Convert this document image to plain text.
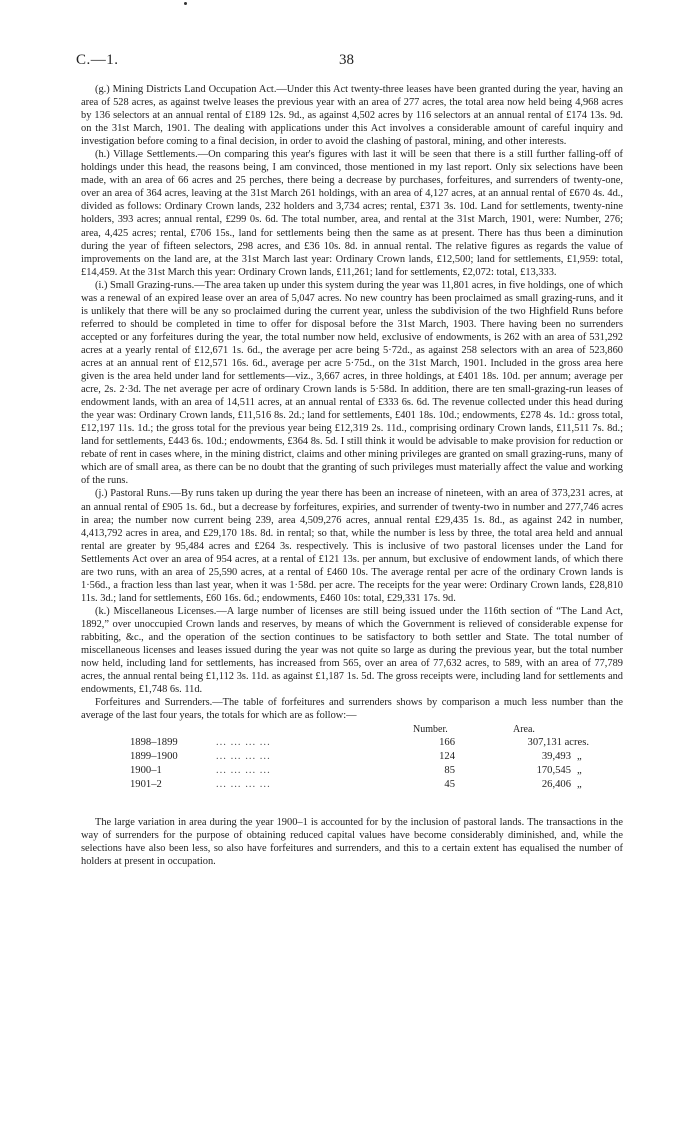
C.—1.	38

(g.) Mining Districts Land Occupation Act.—Under this Act twenty-three leases have been granted during the year, having an area of 528 acres, as against twelve leases the previous year with an area of 277 acres, the total area now held being 4,968 acres by 136 selectors at an annual rental of £189 12s. 9d., as against 4,502 acres by 116 selectors at an annual rental of £174 13s. 9d. on the 31st March, 1901. The dealing with applications under this Act involves a considerable amount of careful inquiry and investigation before coming to a final decision, in order to avoid the clashing of pastoral, mining, and other interests.

(h.) Village Settlements.—On comparing this year's figures with last it will be seen that there is a still further falling-off of holdings under this head, the reasons being, I am convinced, those mentioned in my last report. Only six selections have been made, with an area of 66 acres and 25 perches, there being a decrease by purchases, forfeitures, and surrenders of twenty-one, over an area of 364 acres, leaving at the 31st March 261 holdings, with an area of 4,127 acres, at an annual rental of £670 4s. 4d., divided as follows: Ordinary Crown lands, 232 holders and 3,734 acres; rental, £371 3s. 10d. Land for settlements, twenty-nine holders, 393 acres; annual rental, £299 0s. 6d. The total number, area, and rental at the 31st March, 1901, were: Number, 276; area, 4,425 acres; rental, £706 15s., land for settlements being then the same as at present. There has thus been a diminution during the year of fifteen selectors, 298 acres, and £36 10s. 8d. in annual rental. The relative figures as regards the value of improvements on the land are, at the 31st March last year: Ordinary Crown lands, £12,500; land for settlements, £1,959: total, £14,459. At the 31st March this year: Ordinary Crown lands, £11,261; land for settlements, £2,072: total, £13,333.

(i.) Small Grazing-runs.—The area taken up under this system during the year was 11,801 acres, in five holdings, one of which was a renewal of an expired lease over an area of 5,047 acres. No new country has been proclaimed as small grazing-runs, and it is unlikely that there will be any so proclaimed during the current year, unless the subdivision of the two Highfield Runs before referred to should be completed in time to offer for disposal before the 31st March, 1903. There having been no surrenders accepted or any forfeitures during the year, the total number now held, exclusive of endowments, is 262 with an area of 531,292 acres at a yearly rental of £12,671 1s. 6d., the average per acre being 5·72d., as against 258 selectors with an area of 523,860 acres at an annual rent of £12,571 16s. 6d., average per acre 5·75d., on the 31st March, 1901. Included in the gross area here given is the area held under land for settlements—viz., 3,667 acres, in three holdings, at £401 18s. 10d. per annum; average per acre, 2s. 2·3d. The net average per acre of ordinary Crown lands is 5·58d. In addition, there are ten small-grazing-run leases of endowment lands, with an area of 14,511 acres, at an annual rental of £333 6s. 6d. The revenue collected under this head during the year was: Ordinary Crown lands, £11,516 8s. 2d.; land for settlements, £401 18s. 10d.; endowments, £278 4s. 1d.: gross total, £12,197 11s. 1d.; the gross total for the previous year being £12,319 2s. 11d., comprising ordinary Crown lands, £11,511 7s. 8d.; land for settlements, £443 6s. 10d.; endowments, £364 8s. 5d. I still think it would be advisable to make provision for reduction or rebate of rent in cases where, in the mining district, claims and other mining privileges are granted on small grazing-runs, many of which are of small area, as there can be no doubt that the granting of such privileges must materially affect the value and working of the runs.

(j.) Pastoral Runs.—By runs taken up during the year there has been an increase of nineteen, with an area of 373,231 acres, at an annual rental of £905 1s. 6d., but a decrease by forfeitures, expiries, and surrender of twenty-two in number and 277,746 acres in area; the number now current being 239, area 4,509,276 acres, annual rental £29,435 1s. 8d., as against 242 in number, 4,413,792 acres in area, and £29,170 18s. 8d. in rental; so that, while the number is less by three, the total area held and annual rental are greater by 95,484 acres and £264 3s. respectively. This is inclusive of two pastoral licenses under the Land for Settlements Act over an area of 954 acres, at a rental of £121 13s. per annum, but exclusive of endowment lands, of which there are two runs, with an area of 25,590 acres, at a rental of £460 10s. The average rental per acre of the ordinary Crown lands is 1·56d., a fraction less than last year, when it was 1·58d. per acre. The receipts for the year were: Ordinary Crown lands, £28,810 11s. 3d.; land for settlements, £60 16s. 6d.; endowments, £460 10s: total, £29,331 17s. 9d.

(k.) Miscellaneous Licenses.—A large number of licenses are still being issued under the 116th section of “The Land Act, 1892,” over unoccupied Crown lands and reserves, by means of which the Government is relieved of considerable expense for rabbiting, &c., and the operation of the section continues to be satisfactory to both settler and State. The total number of miscellaneous licenses and leases issued during the year was not quite so large as during the previous year, but the total number now held, including land for settlements, has increased from 565, over an area of 77,632 acres, to 589, with an area of 77,789 acres, the annual rental being £1,112 3s. 11d. as against £1,187 1s. 5d. The gross receipts were, including land for settlements and endowments, £1,748 6s. 11d.

Forfeitures and Surrenders.—The table of forfeitures and surrenders shows by comparison a much less number than the average of the last four years, the totals for which are as follow:—

Number.	Area.
1898–1899	... ... ... ...	166	307,131 acres.
1899–1900	... ... ... ...	124	39,493 „
1900–1	... ... ... ...	85	170,545 „
1901–2	... ... ... ...	45	26,406 „

The large variation in area during the year 1900–1 is accounted for by the inclusion of pastoral lands. The transactions in the way of surrenders for the purpose of obtaining reduced capital values have become considerably diminished, and, while the selections have also been less, so also have forfeitures and surrenders, and this to a certain extent has equalised the number of holders at present in occupation.
